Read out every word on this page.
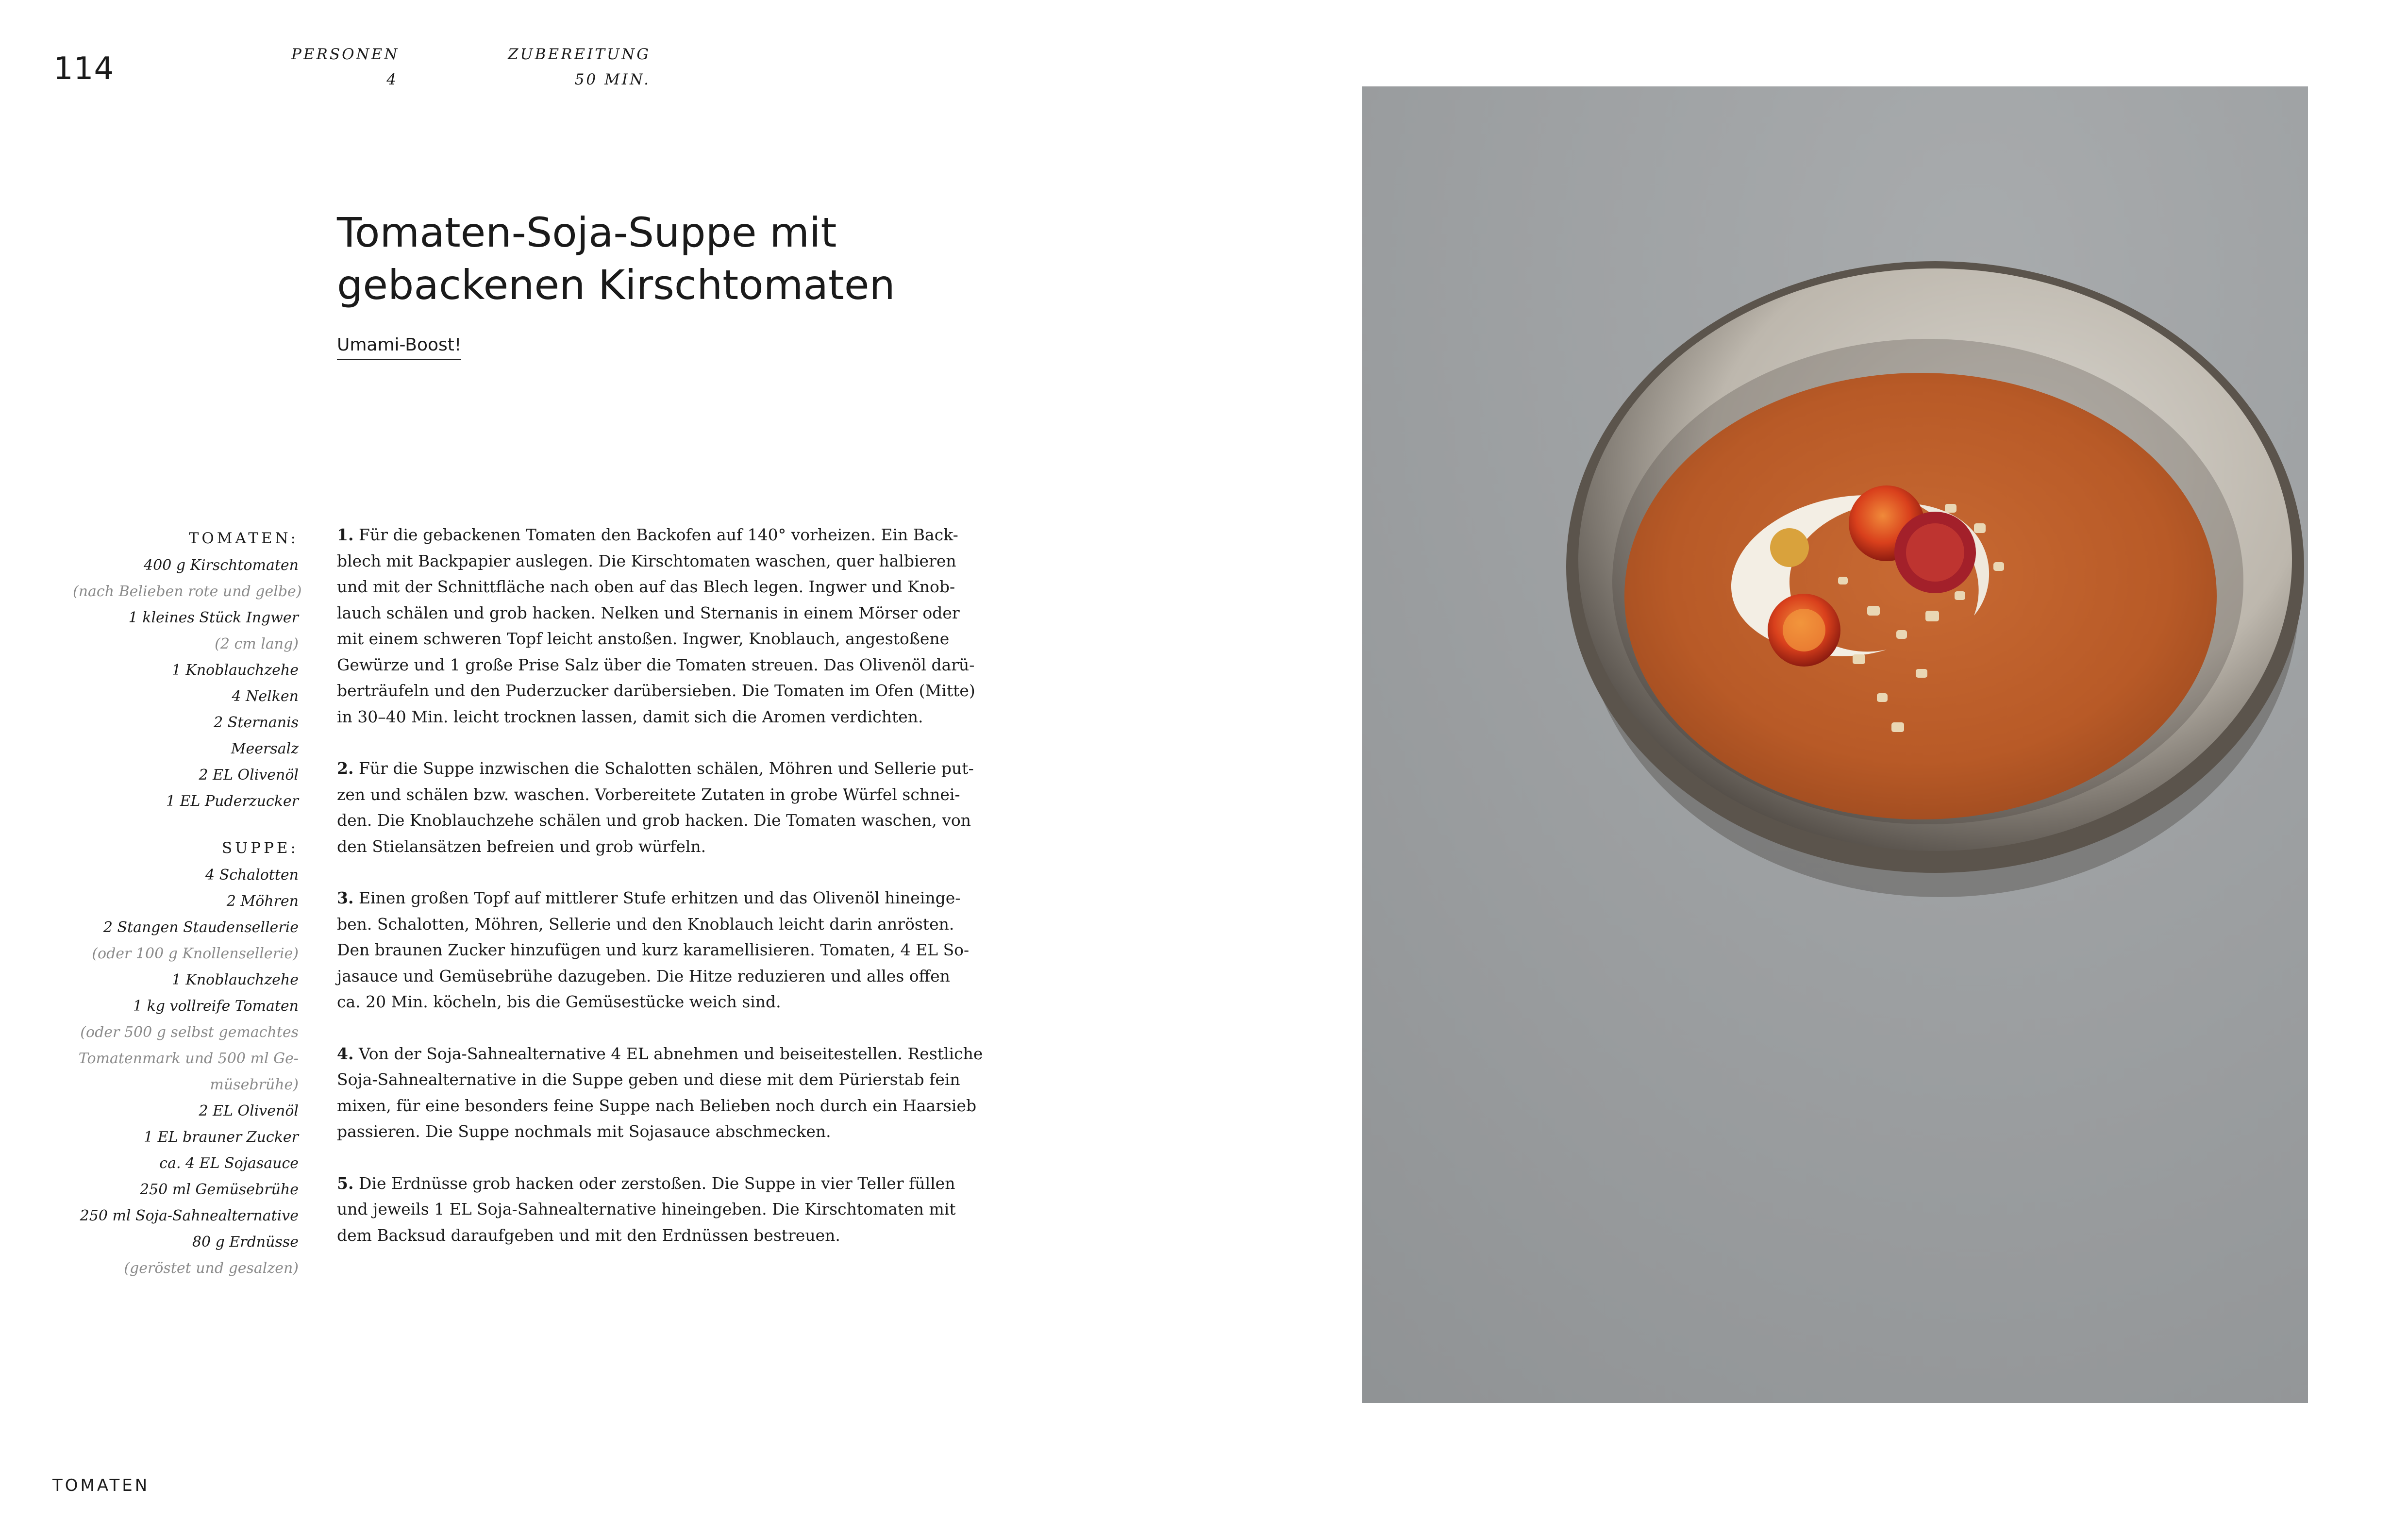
114	PERSONEN
4
ZUBEREITUNG
50 MIN.
Tomaten-Soja-Suppe mit
gebackenen Kirschtomaten
Umami-Boost!
TOMATEN:
400 g Kirschtomaten
(nach Belieben rote und gelbe)
1 kleines Stück Ingwer
(2 cm lang)
1 Knoblauchzehe
4 Nelken
2 Sternanis
Meersalz
2 EL Olivenöl
1 EL Puderzucker
SUPPE:
4 Schalotten
2 Möhren
2 Stangen Staudensellerie
(oder 100 g Knollensellerie)
1 Knoblauchzehe
1 kg vollreife Tomaten
(oder 500 g selbst gemachtes
Tomatenmark und 500 ml Ge-
müsebrühe)
2 EL Olivenöl
1 EL brauner Zucker
ca. 4 EL Sojasauce
250 ml Gemüsebrühe
250 ml Soja-Sahnealternative
80 g Erdnüsse
(geröstet und gesalzen)
1. Für die gebackenen Tomaten den Backofen auf 140° vorheizen. Ein Back-
blech mit Backpapier auslegen. Die Kirschtomaten waschen, quer halbieren
und mit der Schnittfläche nach oben auf das Blech legen. Ingwer und Knob-
lauch schälen und grob hacken. Nelken und Sternanis in einem Mörser oder
mit einem schweren Topf leicht anstoßen. Ingwer, Knoblauch, angestoßene
Gewürze und 1 große Prise Salz über die Tomaten streuen. Das Olivenöl darü-
berträufeln und den Puderzucker darübersieben. Die Tomaten im Ofen (Mitte)
in 30–40 Min. leicht trocknen lassen, damit sich die Aromen verdichten.
2. Für die Suppe inzwischen die Schalotten schälen, Möhren und Sellerie put-
zen und schälen bzw. waschen. Vorbereitete Zutaten in grobe Würfel schnei-
den. Die Knoblauchzehe schälen und grob hacken. Die Tomaten waschen, von
den Stielansätzen befreien und grob würfeln.
3. Einen großen Topf auf mittlerer Stufe erhitzen und das Olivenöl hineinge-
ben. Schalotten, Möhren, Sellerie und den Knoblauch leicht darin anrösten.
Den braunen Zucker hinzufügen und kurz karamellisieren. Tomaten, 4 EL So-
jasauce und Gemüsebrühe dazugeben. Die Hitze reduzieren und alles offen
ca. 20 Min. köcheln, bis die Gemüsestücke weich sind.
4. Von der Soja-Sahnealternative 4 EL abnehmen und beiseitestellen. Restliche
Soja-Sahnealternative in die Suppe geben und diese mit dem Pürierstab fein
mixen, für eine besonders feine Suppe nach Belieben noch durch ein Haarsieb
passieren. Die Suppe nochmals mit Sojasauce abschmecken.
5. Die Erdnüsse grob hacken oder zerstoßen. Die Suppe in vier Teller füllen
und jeweils 1 EL Soja-Sahnealternative hineingeben. Die Kirschtomaten mit
dem Backsud daraufgeben und mit den Erdnüssen bestreuen.
TOMATEN
